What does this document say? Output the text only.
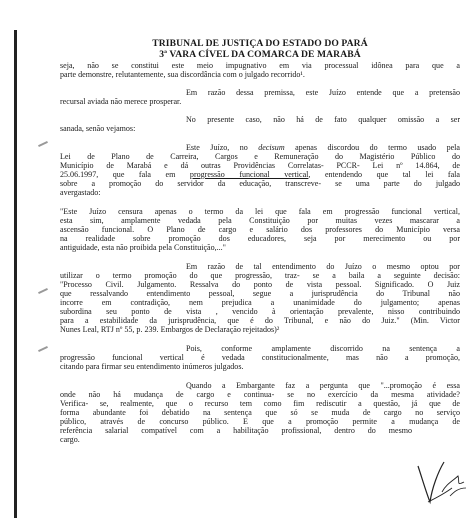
TRIBUNAL DE JUSTIÇA DO ESTADO DO PARÁ
3ª VARA CÍVEL DA COMARCA DE MARABÁ
seja, não se constitui este meio impugnativo em via processual idônea para que a
parte demonstre, relutantemente, sua discordância com o julgado recorrido¹.
Em razão dessa premissa, este Juízo entende que a pretensão
recursal aviada não merece prosperar.
No presente caso, não há de fato qualquer omissão a ser
sanada, senão vejamos:
Este Juízo, no decisum apenas discordou do termo usado pela
Lei de Plano de Carreira, Cargos e Remuneração do Magistério Público do
Município de Marabá e dá outras Providências Correlatas- PCCR- Lei nº 14.864, de
25.06.1997, que fala em progressão funcional vertical, entendendo que tal lei fala
sobre a promoção do servidor da educação, transcreve- se uma parte do julgado
avergastado:
"Este Juízo censura apenas o termo da lei que fala em progressão funcional vertical,
esta sim, amplamente vedada pela Constituição por muitas vezes mascarar a
ascensão funcional. O Plano de cargo e salário dos professores do Município versa
na realidade sobre promoção dos educadores, seja por merecimento ou por
antiguidade, esta não proibida pela Constituição,..."
Em razão de tal entendimento do Juízo o mesmo optou por
utilizar o termo promoção do que progressão, traz- se a baila a seguinte decisão:
"Processo Civil. Julgamento. Ressalva do ponto de vista pessoal. Significado. O Juiz
que ressalvando entendimento pessoal, segue a jurisprudência do Tribunal não
incorre em contradição, nem prejudica a unanimidade do julgamento; apenas
subordina seu ponto de vista , vencido à orientação prevalente, nisso contribuindo
para a estabilidade da jurisprudência, que é do Tribunal, e não do Juiz." (Min. Victor
Nunes Leal, RTJ nº 55, p. 239. Embargos de Declaração rejeitados)²
Pois, conforme amplamente discorrido na sentença a
progressão funcional vertical é vedada constitucionalmente, mas não a promoção,
citando para firmar seu entendimento inúmeros julgados.
Quando a Embargante faz a pergunta que "...promoção é essa
onde não há mudança de cargo e continua- se no exercício da mesma atividade?
Verifica- se, realmente, que o recurso tem como fim rediscutir a questão, já que de
forma abundante foi debatido na sentença que só se muda de cargo no serviço
público, através de concurso público. E que a promoção permite a mudança de
referência salarial compatível com a habilitação profissional, dentro do mesmo
cargo.
